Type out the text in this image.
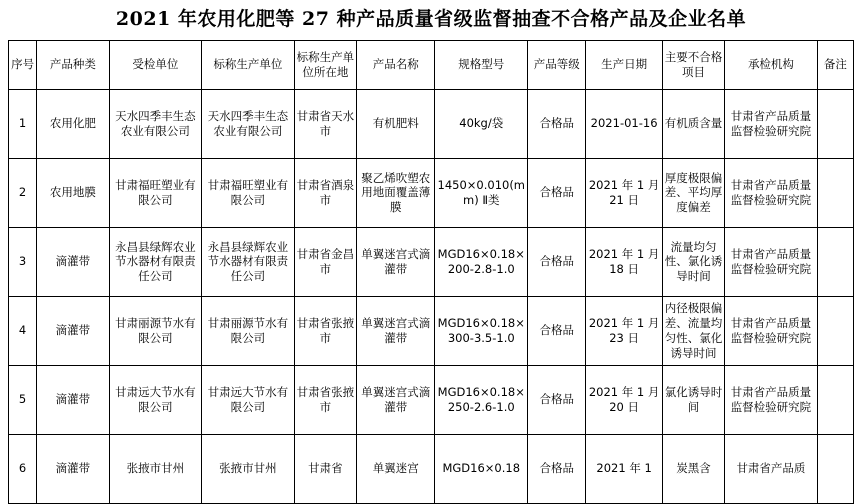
2021 年农用化肥等 27 种产品质量省级监督抽查不合格产品及企业名单
序号	产品种类	受检单位	标称生产单位	标称生产单位所在地	产品名称	规格型号	产品等级	生产日期	主要不合格项目	承检机构	备注
1	农用化肥	天水四季丰生态农业有限公司	天水四季丰生态农业有限公司	甘肃省天水市	有机肥料	40kg/袋	合格品	2021-01-16	有机质含量	甘肃省产品质量监督检验研究院	
2	农用地膜	甘肃福旺塑业有限公司	甘肃福旺塑业有限公司	甘肃省酒泉市	聚乙烯吹塑农用地面覆盖薄膜	1450×0.010(mm) Ⅱ类	合格品	2021 年 1 月 21 日	厚度极限偏差、平均厚度偏差	甘肃省产品质量监督检验研究院	
3	滴灌带	永昌县绿辉农业节水器材有限责任公司	永昌县绿辉农业节水器材有限责任公司	甘肃省金昌市	单翼迷宫式滴灌带	MGD16×0.18×200-2.8-1.0	合格品	2021 年 1 月 18 日	流量均匀性、氯化诱导时间	甘肃省产品质量监督检验研究院	
4	滴灌带	甘肃丽源节水有限公司	甘肃丽源节水有限公司	甘肃省张掖市	单翼迷宫式滴灌带	MGD16×0.18×300-3.5-1.0	合格品	2021 年 1 月 23 日	内径极限偏差、流量均匀性、氯化诱导时间	甘肃省产品质量监督检验研究院	
5	滴灌带	甘肃远大节水有限公司	甘肃远大节水有限公司	甘肃省张掖市	单翼迷宫式滴灌带	MGD16×0.18×250-2.6-1.0	合格品	2021 年 1 月 20 日	氯化诱导时间	甘肃省产品质量监督检验研究院	
6	滴灌带	张掖市甘州	张掖市甘州	甘肃省	单翼迷宫	MGD16×0.18	合格品	2021 年 1	炭黑含	甘肃省产品质	
